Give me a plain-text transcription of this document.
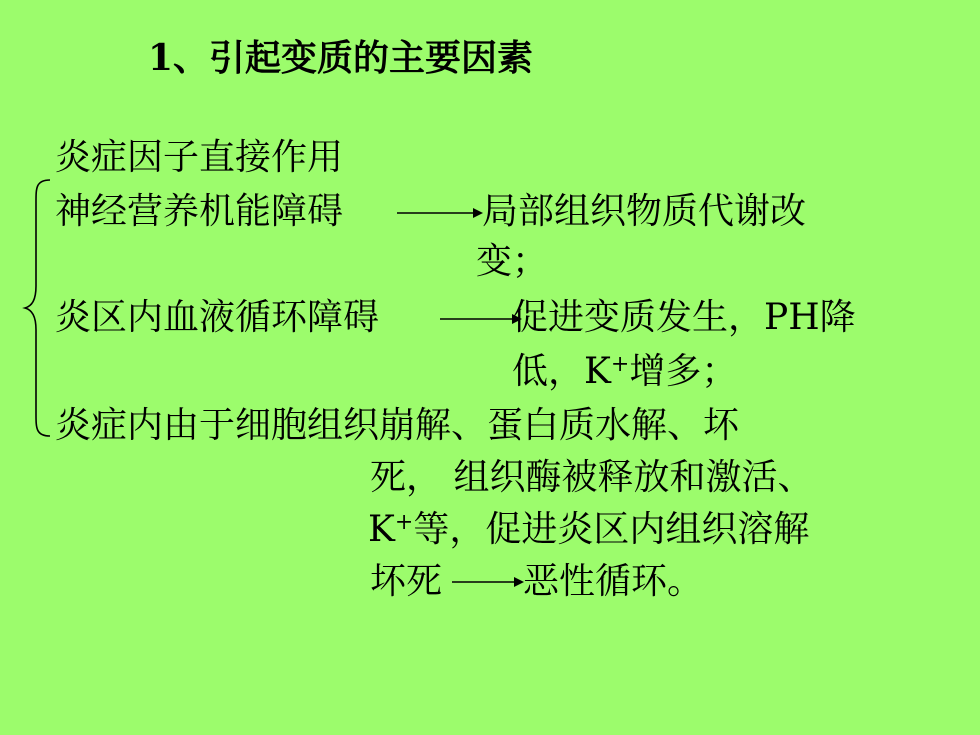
1、引起变质的主要因素
炎症因子直接作用
神经营养机能障碍	局部组织物质代谢改
变；
炎区内血液循环障碍	促进变质发生，PH降
低，K+增多；
炎症内由于细胞组织崩解、蛋白质水解、坏
死， 组织酶被释放和激活、
K+等，促进炎区内组织溶解
坏死 恶性循环。
